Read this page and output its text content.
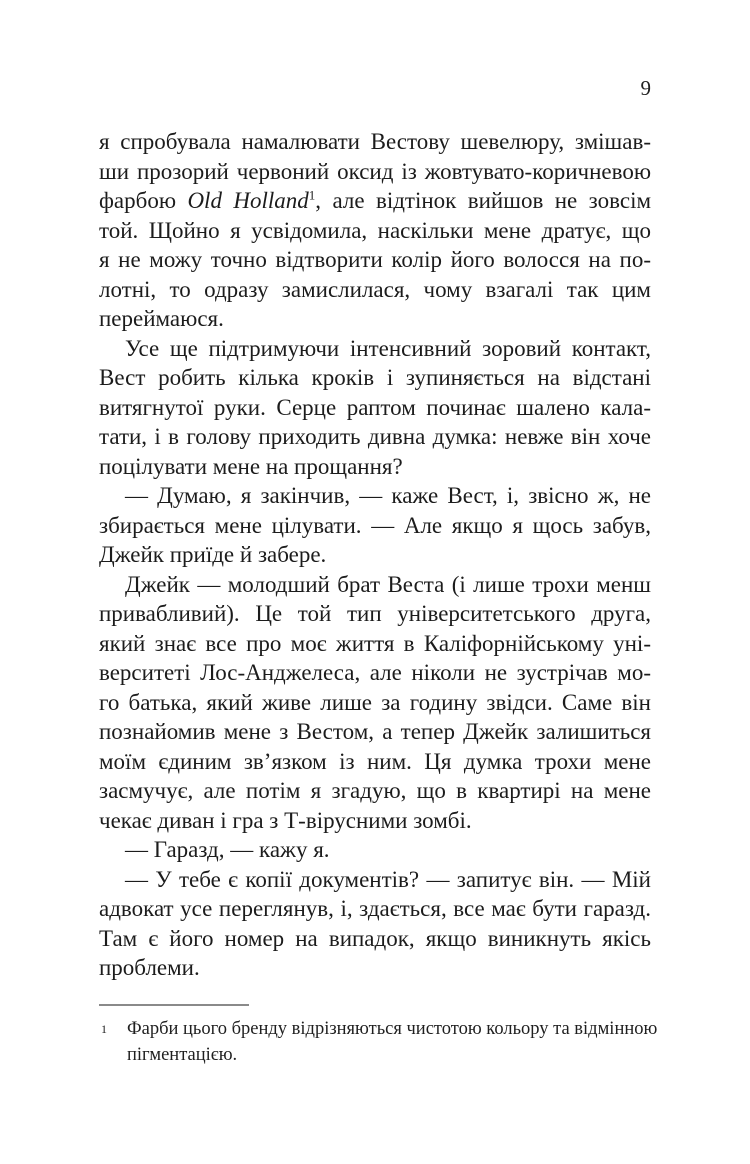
9
я спробувала намалювати Вестову шевелюру, змішав-
ши прозорий червоний оксид із жовтувато-коричневою
фарбою Old Holland$^1$, але відтінок вийшов не зовсім
той. Щойно я усвідомила, наскільки мене дратує, що
я не можу точно відтворити колір його волосся на по-
лотні, то одразу замислилася, чому взагалі так цим
переймаюся.
Усе ще підтримуючи інтенсивний зоровий контакт,
Вест робить кілька кроків і зупиняється на відстані
витягнутої руки. Серце раптом починає шалено кала-
тати, і в голову приходить дивна думка: невже він хоче
поцілувати мене на прощання?
— Думаю, я закінчив, — каже Вест, і, звісно ж, не
збирається мене цілувати. — Але якщо я щось забув,
Джейк приїде й забере.
Джейк — молодший брат Веста (і лише трохи менш
привабливий). Це той тип університетського друга,
який знає все про моє життя в Каліфорнійському уні-
верситеті Лос-Анджелеса, але ніколи не зустрічав мо-
го батька, який живе лише за годину звідси. Саме він
познайомив мене з Вестом, а тепер Джейк залишиться
моїм єдиним зв’язком із ним. Ця думка трохи мене
засмучує, але потім я згадую, що в квартирі на мене
чекає диван і гра з Т-вірусними зомбі.
— Гаразд, — кажу я.
— У тебе є копії документів? — запитує він. — Мій
адвокат усе переглянув, і, здається, все має бути гаразд.
Там є його номер на випадок, якщо виникнуть якісь
проблеми.
1 Фарби цього бренду відрізняються чистотою кольору та відмінною
пігментацією.
